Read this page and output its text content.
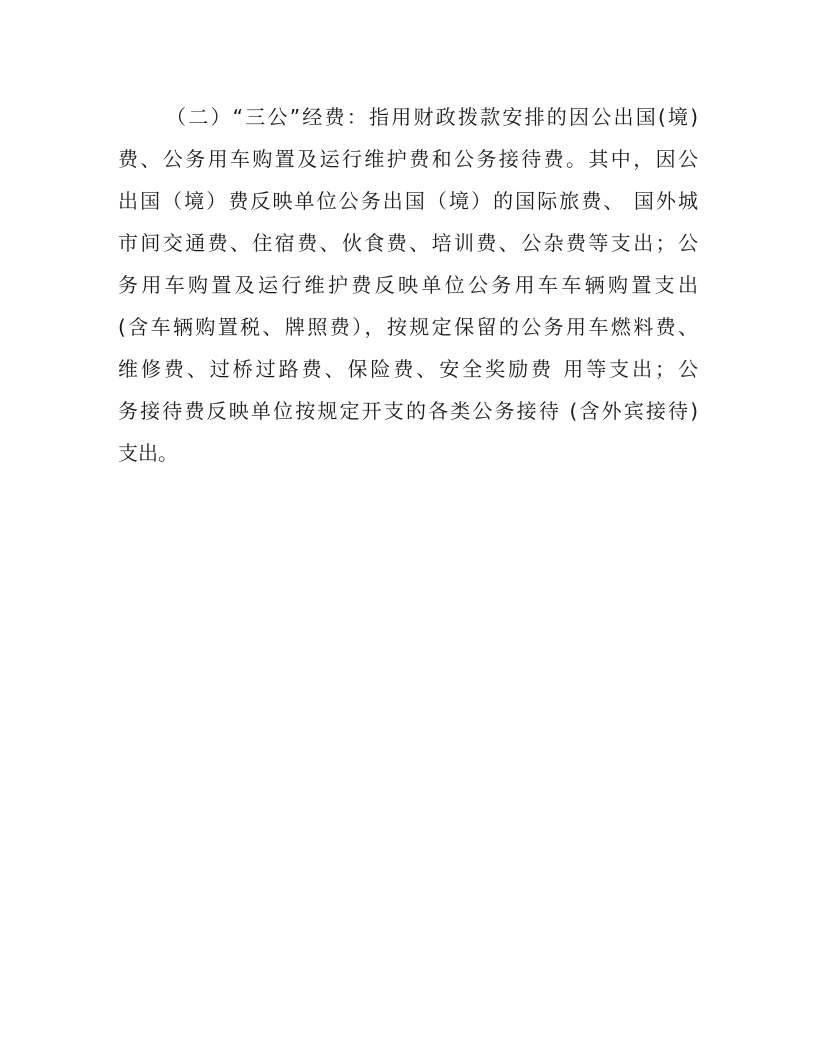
（二）“三公”经费：指用财政拨款安排的因公出国(境)
费、公务用车购置及运行维护费和公务接待费。其中，因公
出国（境）费反映单位公务出国（境）的国际旅费、 国外城
市间交通费、住宿费、伙食费、培训费、公杂费等支出；公
务用车购置及运行维护费反映单位公务用车车辆购置支出
(含车辆购置税、牌照费），按规定保留的公务用车燃料费、
维修费、过桥过路费、保险费、安全奖励费 用等支出；公
务接待费反映单位按规定开支的各类公务接待 (含外宾接待)
支出。
